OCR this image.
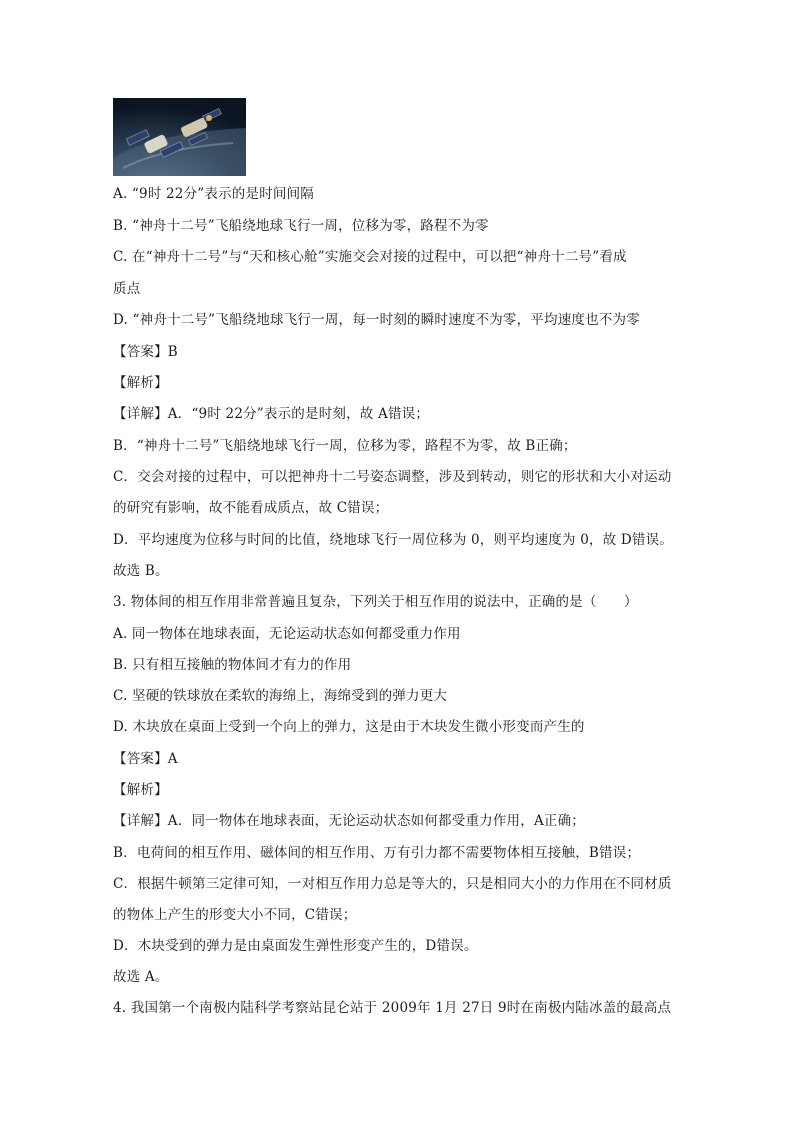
A. “9时 22分”表示的是时间间隔
B. “神舟十二号”飞船绕地球飞行一周，位移为零，路程不为零
C. 在“神舟十二号”与“天和核心舱”实施交会对接的过程中，可以把“神舟十二号”看成
质点
D. “神舟十二号”飞船绕地球飞行一周，每一时刻的瞬时速度不为零，平均速度也不为零
【答案】B
【解析】
【详解】A．“9时 22分”表示的是时刻，故 A错误；
B．“神舟十二号”飞船绕地球飞行一周，位移为零，路程不为零，故 B正确；
C．交会对接的过程中，可以把神舟十二号姿态调整，涉及到转动，则它的形状和大小对运动
的研究有影响，故不能看成质点，故 C错误；
D．平均速度为位移与时间的比值，绕地球飞行一周位移为 0，则平均速度为 0，故 D错误。
故选 B。
3. 物体间的相互作用非常普遍且复杂，下列关于相互作用的说法中，正确的是（　　）
A. 同一物体在地球表面，无论运动状态如何都受重力作用
B. 只有相互接触的物体间才有力的作用
C. 坚硬的铁球放在柔软的海绵上，海绵受到的弹力更大
D. 木块放在桌面上受到一个向上的弹力，这是由于木块发生微小形变而产生的
【答案】A
【解析】
【详解】A．同一物体在地球表面，无论运动状态如何都受重力作用，A正确；
B．电荷间的相互作用、磁体间的相互作用、万有引力都不需要物体相互接触，B错误；
C．根据牛顿第三定律可知，一对相互作用力总是等大的，只是相同大小的力作用在不同材质
的物体上产生的形变大小不同，C错误；
D．木块受到的弹力是由桌面发生弹性形变产生的，D错误。
故选 A。
4. 我国第一个南极内陆科学考察站昆仑站于 2009年 1月 27日 9时在南极内陆冰盖的最高点
